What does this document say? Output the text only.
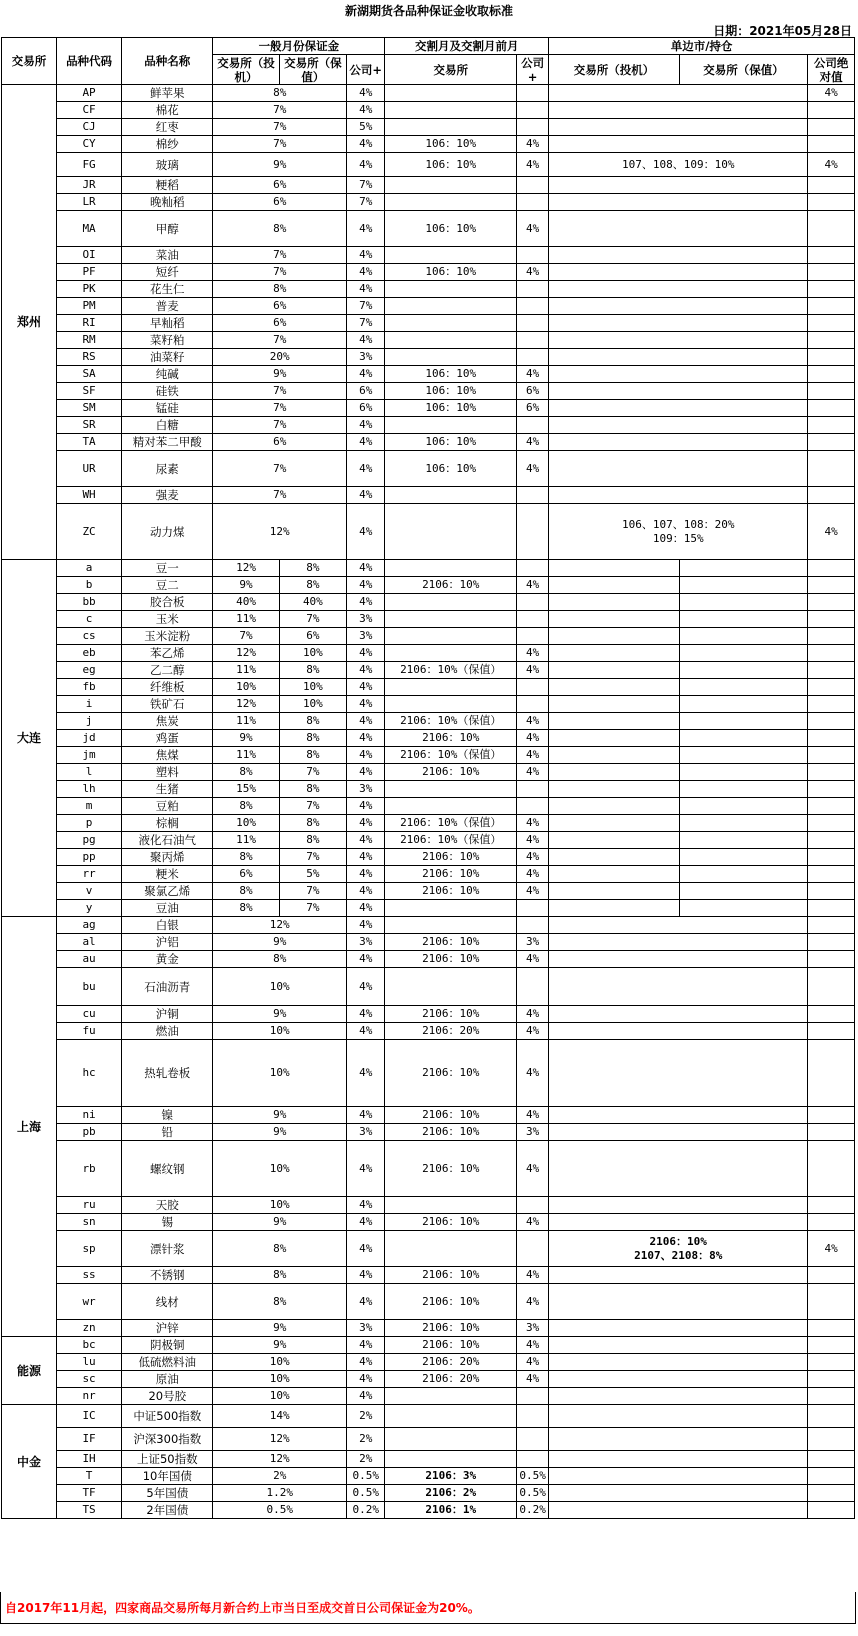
新湖期货各品种保证金收取标准
日期：2021年05月28日
交易所	品种代码	品种名称	一般月份保证金			交割月及交割月前月		单边市/持仓		
			交易所（投机）	交易所（保值）	公司+	交易所	公司+	交易所（投机）	交易所（保值）	公司绝对值

郑州	AP	鲜苹果	8%		4%					4%
	CF	棉花	7%		4%					
	CJ	红枣	7%		5%					
	CY	棉纱	7%		4%	106：10%	4%			
	FG	玻璃	9%		4%	106：10%	4%	107、108、109：10%		4%
	JR	粳稻	6%		7%					
	LR	晚籼稻	6%		7%					
	MA	甲醇	8%		4%	106：10%	4%			
	OI	菜油	7%		4%					
	PF	短纤	7%		4%	106：10%	4%			
	PK	花生仁	8%		4%					
	PM	普麦	6%		7%					
	RI	早籼稻	6%		7%					
	RM	菜籽粕	7%		4%					
	RS	油菜籽	20%		3%					
	SA	纯碱	9%		4%	106：10%	4%			
	SF	硅铁	7%		6%	106：10%	6%			
	SM	锰硅	7%		6%	106：10%	6%			
	SR	白糖	7%		4%					
	TA	精对苯二甲酸	6%		4%	106：10%	4%			
	UR	尿素	7%		4%	106：10%	4%			
	WH	强麦	7%		4%					
	ZC	动力煤	12%		4%			106、107、108：20%
109：15%		4%
大连	a	豆一	12%	8%	4%					
	b	豆二	9%	8%	4%	2106：10%	4%			
	bb	胶合板	40%	40%	4%					
	c	玉米	11%	7%	3%					
	cs	玉米淀粉	7%	6%	3%					
	eb	苯乙烯	12%	10%	4%		4%			
	eg	乙二醇	11%	8%	4%	2106：10%（保值）	4%			
	fb	纤维板	10%	10%	4%					
	i	铁矿石	12%	10%	4%					
	j	焦炭	11%	8%	4%	2106：10%（保值）	4%			
	jd	鸡蛋	9%	8%	4%	2106：10%	4%			
	jm	焦煤	11%	8%	4%	2106：10%（保值）	4%			
	l	塑料	8%	7%	4%	2106：10%	4%			
	lh	生猪	15%	8%	3%					
	m	豆粕	8%	7%	4%					
	p	棕榈	10%	8%	4%	2106：10%（保值）	4%			
	pg	液化石油气	11%	8%	4%	2106：10%（保值）	4%			
	pp	聚丙烯	8%	7%	4%	2106：10%	4%			
	rr	粳米	6%	5%	4%	2106：10%	4%			
	v	聚氯乙烯	8%	7%	4%	2106：10%	4%			
	y	豆油	8%	7%	4%					
上海	ag	白银	12%		4%					
	al	沪铝	9%		3%	2106：10%	3%			
	au	黄金	8%		4%	2106：10%	4%			
	bu	石油沥青	10%		4%					
	cu	沪铜	9%		4%	2106：10%	4%			
	fu	燃油	10%		4%	2106：20%	4%			
	hc	热轧卷板	10%		4%	2106：10%	4%			
	ni	镍	9%		4%	2106：10%	4%			
	pb	铅	9%		3%	2106：10%	3%			
	rb	螺纹钢	10%		4%	2106：10%	4%			
	ru	天胶	10%		4%					
	sn	锡	9%		4%	2106：10%	4%			
	sp	漂针浆	8%		4%			2106：10%
2107、2108：8%		4%
	ss	不锈钢	8%		4%	2106：10%	4%			
	wr	线材	8%		4%	2106：10%	4%			
	zn	沪锌	9%		3%	2106：10%	3%			
能源	bc	阴极铜	9%		4%	2106：10%	4%			
	lu	低硫燃料油	10%		4%	2106：20%	4%			
	sc	原油	10%		4%	2106：20%	4%			
	nr	20号胶	10%		4%					
中金	IC	中证500指数	14%		2%					
	IF	沪深300指数	12%		2%					
	IH	上证50指数	12%		2%					
	T	10年国债	2%		0.5%	2106：3%	0.5%			
	TF	5年国债	1.2%		0.5%	2106：2%	0.5%			
	TS	2年国债	0.5%		0.2%	2106：1%	0.2%			
自2017年11月起，四家商品交易所每月新合约上市当日至成交首日公司保证金为20%。
